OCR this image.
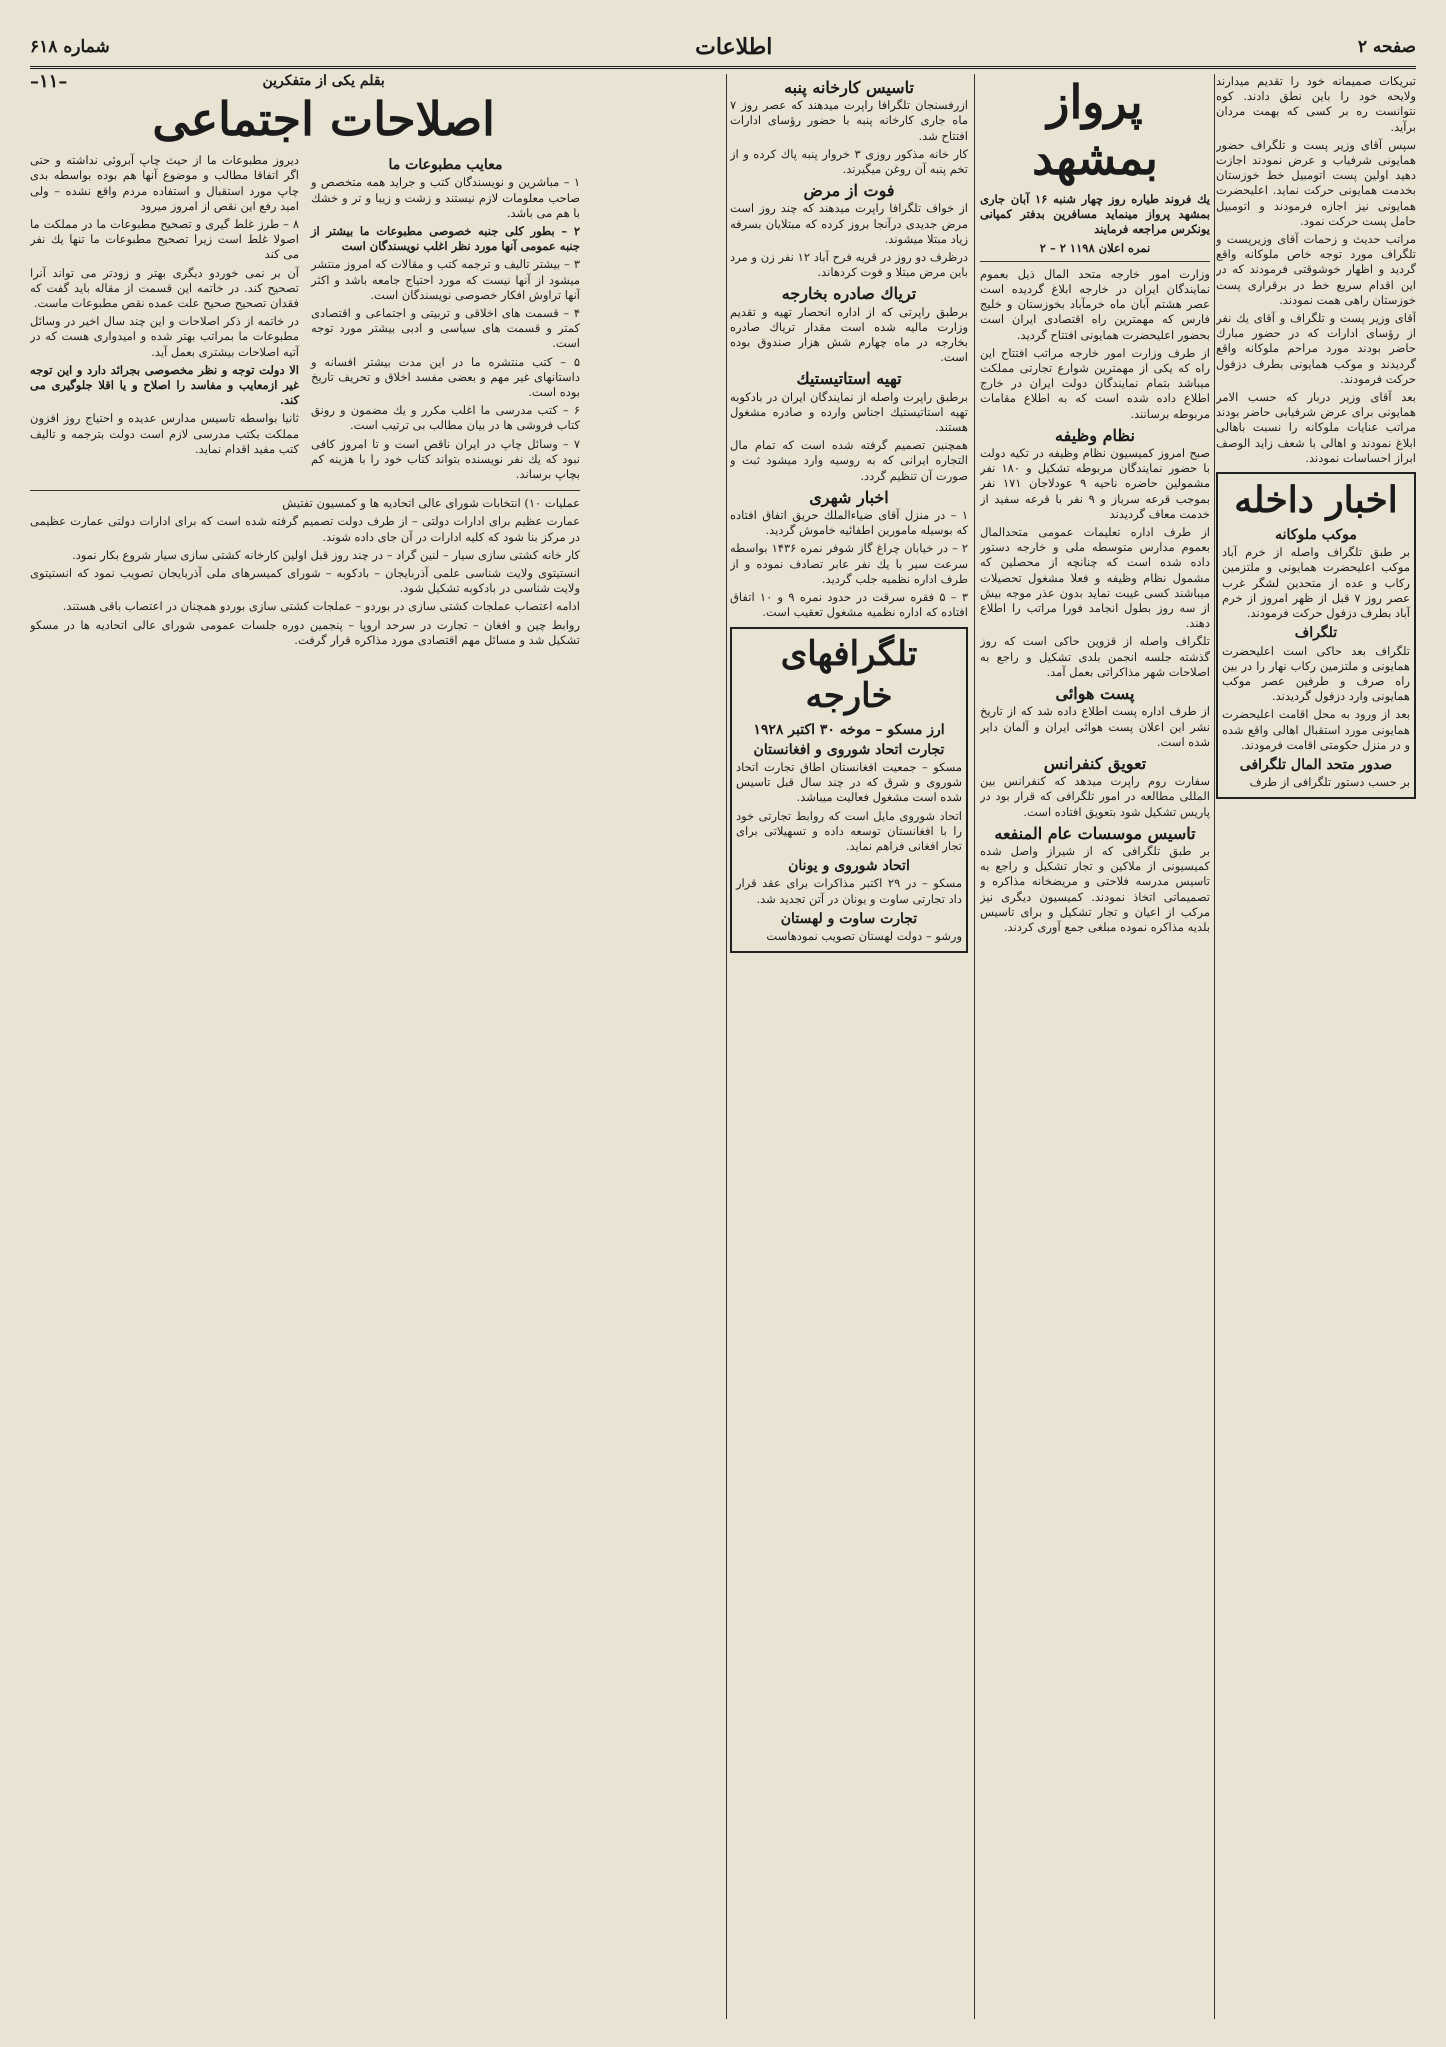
صفحه ۲
اطلاعات
شماره ۶۱۸

تبریکات صمیمانه خود را تقدیم میدارند ولایحه خود را باین نطق دادند. کوه نتوانست ره بر کسی که بهمت مردان برآید.

سپس آقای وزیر پست و تلگراف حضور همایونی شرفیاب و عرض نمودند اجازت دهید اولین پست اتومبیل خط خوزستان بخدمت همایونی حرکت نماید. اعلیحضرت همایونی نیز اجازه فرمودند و اتومبیل حامل پست حرکت نمود.

مراتب حدیث و زحمات آقای وزیرپست و تلگراف مورد توجه خاص ملوکانه واقع گردید و اظهار خوشوقتی فرمودند که در این اقدام سریع خط در برقراری پست خوزستان راهی همت نمودند.

آقای وزیر پست و تلگراف و آقای یك نفر از رؤسای ادارات که در حضور مبارك حاضر بودند مورد مراحم ملوکانه واقع گردیدند و موکب همایونی بطرف دزفول حرکت فرمودند.

بعد آقای وزیر دربار که حسب الامر همایونی برای عرض شرفیابی حاضر بودند مراتب عنایات ملوکانه را نسبت باهالی ابلاغ نمودند و اهالی با شعف زاید الوصف ابراز احساسات نمودند.

اخبار داخله
موکب ملوکانه

بر طبق تلگراف واصله از خرم آباد موکب اعلیحضرت همایونی و ملتزمین رکاب و عده از متحدین لشگر غرب عصر روز ۷ قبل از ظهر امروز از خرم آباد بطرف دزفول حرکت فرمودند.

تلگراف

تلگراف بعد حاکی است اعلیحضرت همایونی و ملتزمین رکاب نهار را در بین راه صرف و طرفین عصر موکب همایونی وارد دزفول گردیدند.

بعد از ورود به محل اقامت اعلیحضرت همایونی مورد استقبال اهالی واقع شده و در منزل حکومتی اقامت فرمودند.

صدور متحد المال تلگرافی

بر حسب دستور تلگرافی از طرف

پرواز بمشهد

یك فروند طیاره روز چهار شنبه ۱۶ آبان جاری بمشهد پرواز مینماید مسافرین بدفتر کمپانی یونکرس مراجعه فرمایند

نمره اعلان ۱۱۹۸ ۲ – ۲

وزارت امور خارجه متحد المال ذیل بعموم نمایندگان ایران در خارجه ابلاغ گردیده است عصر هشتم آبان ماه خرمآباد بخوزستان و خلیج فارس که مهمترین راه اقتصادی ایران است بحضور اعلیحضرت همایونی افتتاح گردید.

از طرف وزارت امور خارجه مراتب افتتاح این راه که یکی از مهمترین شوارع تجارتی مملکت میباشد بتمام نمایندگان دولت ایران در خارج اطلاع داده شده است که به اطلاع مقامات مربوطه برسانند.

نظام وظیفه

صبح امروز کمیسیون نظام وظیفه در تکیه دولت با حضور نمایندگان مربوطه تشکیل و ۱۸۰ نفر مشمولین حاضره ناحیه ۹ عودلاجان ۱۷۱ نفر بموجب قرعه سرباز و ۹ نفر با قرعه سفید از خدمت معاف گردیدند

از طرف اداره تعلیمات عمومی متحدالمال بعموم مدارس متوسطه ملی و خارجه دستور داده شده است که چنانچه از محصلین که مشمول نظام وظیفه و فعلا مشغول تحصیلات میباشند کسی غیبت نماید بدون عذر موجه بیش از سه روز بطول انجامد فورا مراتب را اطلاع دهند.

تلگراف واصله از قزوین حاکی است که روز گذشته جلسه انجمن بلدی تشکیل و راجع به اصلاحات شهر مذاکراتی بعمل آمد.

پست هوائی

از طرف اداره پست اطلاع داده شد که از تاریخ نشر این اعلان پست هوائی ایران و آلمان دایر شده است.

تعویق کنفرانس

سفارت روم راپرت میدهد که کنفرانس بین المللی مطالعه در امور تلگرافی که قرار بود در پاریس تشکیل شود بتعویق افتاده است.

تاسیس موسسات عام المنفعه

بر طبق تلگرافی که از شیراز واصل شده کمیسیونی از ملاکین و تجار تشکیل و راجع به تاسیس مدرسه فلاحتی و مریضخانه مذاکره و تصمیماتی اتخاذ نمودند. کمیسیون دیگری نیز مرکب از اعیان و تجار تشکیل و برای تاسیس بلدیه مذاکره نموده مبلغی جمع آوری کردند.

تاسیس کارخانه پنبه

ازرفسنجان تلگرافا راپرت میدهند که عصر روز ۷ ماه جاری کارخانه پنبه با حضور رؤسای ادارات افتتاح شد.

کار خانه مذکور روزی ۳ خروار پنبه پاك کرده و از تخم پنبه آن روغن میگیرند.

فوت از مرض

از خواف تلگرافا راپرت میدهند که چند روز است مرض جدیدی درآنجا بروز کرده که مبتلایان بسرفه زیاد مبتلا میشوند.

درظرف دو روز در قریه فرح آباد ۱۲ نفر زن و مرد باین مرض مبتلا و فوت کردهاند.

تریاك صادره بخارجه

برطبق راپرتی که از اداره انحصار تهیه و تقدیم وزارت مالیه شده است مقدار تریاك صادره بخارجه در ماه چهارم شش هزار صندوق بوده است.

تهیه استاتیستیك

برطبق راپرت واصله از نمایندگان ایران در بادکوبه تهیه استاتیستیك اجناس وارده و صادره مشغول هستند.

همچنین تصمیم گرفته شده است که تمام مال التجاره ایرانی که به روسیه وارد میشود ثبت و صورت آن تنظیم گردد.

اخبار شهری

۱ – در منزل آقای ضیاءالملك حریق اتفاق افتاده که بوسیله مامورین اطفائیه خاموش گردید.

۲ – در خیابان چراغ گاز شوفر نمره ۱۴۳۶ بواسطه سرعت سیر با یك نفر عابر تصادف نموده و از طرف اداره نظمیه جلب گردید.

۳ – ۵ فقره سرقت در حدود نمره ۹ و ۱۰ اتفاق افتاده که اداره نظمیه مشغول تعقیب است.

تلگرافهای خارجه
ارز مسکو – موخه ۳۰ اکتبر ۱۹۲۸
تجارت اتحاد شوروی و افغانستان

مسکو – جمعیت افغانستان اطاق تجارت اتحاد شوروی و شرق که در چند سال قبل تاسیس شده است مشغول فعالیت میباشد.

اتحاد شوروی مایل است که روابط تجارتی خود را با افغانستان توسعه داده و تسهیلاتی برای تجار افغانی فراهم نماید.

اتحاد شوروی و یونان

مسکو – در ۲۹ اکتبر مذاکرات برای عقد قرار داد تجارتی ساوت و یونان در آتن تجدید شد.

تجارت ساوت و لهستان

ورشو – دولت لهستان تصویب نمودهاست

بقلم یکی از متفکرین
اصلاحات اجتماعی
–۱۱–
معایب مطبوعات ما

۱ – مباشرین و نویسندگان کتب و جراید همه متخصص و صاحب معلومات لازم نیستند و زشت و زیبا و تر و خشك با هم می باشد.

۲ – بطور کلی جنبه خصوصی مطبوعات ما بیشتر از جنبه عمومی آنها مورد نظر اغلب نویسندگان است

۳ – بیشتر تالیف و ترجمه کتب و مقالات که امروز منتشر میشود از آنها نیست که مورد احتیاج جامعه باشد و اکثر آنها تراوش افکار خصوصی نویسندگان است.

۴ – قسمت های اخلاقی و تربیتی و اجتماعی و اقتصادی کمتر و قسمت های سیاسی و ادبی بیشتر مورد توجه است.

۵ – کتب منتشره ما در این مدت بیشتر افسانه و داستانهای غیر مهم و بعضی مفسد اخلاق و تحریف تاریخ بوده است.

۶ – کتب مدرسی ما اغلب مکرر و یك مضمون و رونق کتاب فروشی ها در بیان مطالب بی ترتیب است.

۷ – وسائل چاپ در ایران ناقص است و تا امروز کافی نبود که یك نفر نویسنده بتواند کتاب خود را با هزینه کم بچاپ برساند.

دیروز مطبوعات ما از حیث چاپ آبروئی نداشته و حتی اگر اتفاقا مطالب و موضوع آنها هم بوده بواسطه بدی چاپ مورد استقبال و استفاده مردم واقع نشده – ولی امید رفع این نقص از امروز میرود

۸ – طرز غلط گیری و تصحیح مطبوعات ما در مملکت ما اصولا غلط است زیرا تصحیح مطبوعات ما تنها یك نفر می کند

آن بر نمی خوردو دیگری بهتر و زودتر می تواند آنرا تصحیح کند. در خاتمه این قسمت از مقاله باید گفت که فقدان تصحیح صحیح علت عمده نقص مطبوعات ماست.

در خاتمه از ذکر اصلاحات و این چند سال اخیر در وسائل مطبوعات ما بمراتب بهتر شده و امیدواری هست که در آتیه اصلاحات بیشتری بعمل آید.

الا دولت توجه و نظر مخصوصی بجرائد دارد و این توجه غیر ازمعایب و مفاسد را اصلاح و یا اقلا جلوگیری می کند.

ثانیا بواسطه تاسیس مدارس عدیده و احتیاج روز افزون مملکت بکتب مدرسی لازم است دولت بترجمه و تالیف کتب مفید اقدام نماید.

عملیات ۱۰) انتخابات شورای عالی اتحادیه ها و کمسیون تفتیش

عمارت عظیم برای ادارات دولتی – از طرف دولت تصمیم گرفته شده است که برای ادارات دولتی عمارت عظیمی در مرکز بنا شود که کلیه ادارات در آن جای داده شوند.

کار خانه کشتی سازی سیار – لنین گراد – در چند روز قبل اولین کارخانه کشتی سازی سیار شروع بکار نمود.

انستیتوی ولایت شناسی علمی آذربایجان – بادکوبه – شورای کمیسرهای ملی آذربایجان تصویب نمود که انستیتوی ولایت شناسی در بادکوبه تشکیل شود.

ادامه اعتصاب عملجات کشتی سازی در بوردو – عملجات کشتی سازی بوردو همچنان در اعتصاب باقی هستند.

روابط چین و افغان – تجارت در سرحد اروپا – پنجمین دوره جلسات عمومی شورای عالی اتحادیه ها در مسکو تشکیل شد و مسائل مهم اقتصادی مورد مذاکره قرار گرفت.
